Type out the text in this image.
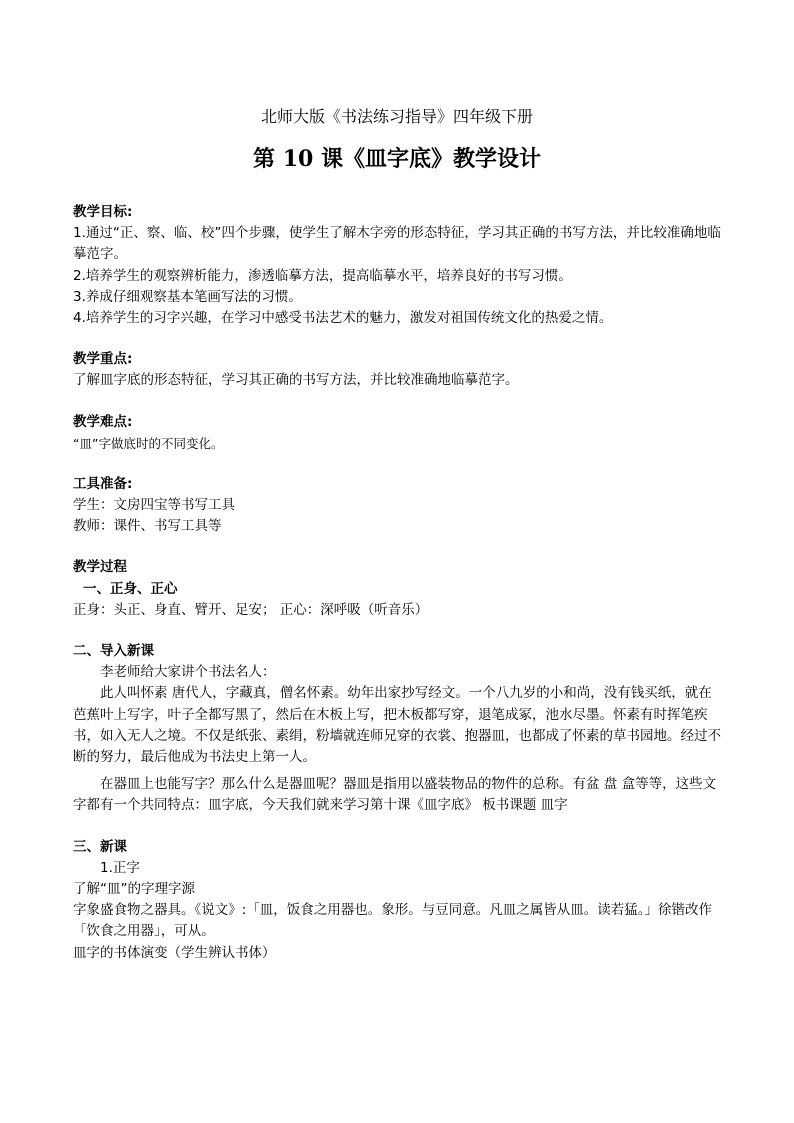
北师大版《书法练习指导》四年级下册
第 10 课《皿字底》教学设计
教学目标:
1.通过“正、察、临、校”四个步骤，使学生了解木字旁的形态特征，学习其正确的书写方法，并比较准确地临摹范字。
2.培养学生的观察辨析能力，渗透临摹方法，提高临摹水平，培养良好的书写习惯。
3.养成仔细观察基本笔画写法的习惯。
4.培养学生的习字兴趣，在学习中感受书法艺术的魅力，激发对祖国传统文化的热爱之情。
教学重点:
了解皿字底的形态特征，学习其正确的书写方法，并比较准确地临摹范字。
教学难点:
“皿”字做底时的不同变化。
工具准备:
学生：文房四宝等书写工具
教师：课件、书写工具等
教学过程
一、正身、正心
正身：头正、身直、臂开、足安； 正心：深呼吸（听音乐）
二、导入新课
李老师给大家讲个书法名人：
此人叫怀素 唐代人，字藏真，僧名怀素。幼年出家抄写经文。一个八九岁的小和尚，没有钱买纸，就在芭蕉叶上写字，叶子全都写黑了，然后在木板上写，把木板都写穿，退笔成冢，池水尽墨。怀素有时挥笔疾书，如入无人之境。不仅是纸张、素绢，粉墙就连师兄穿的衣裳、抱器皿，也都成了怀素的草书园地。经过不断的努力，最后他成为书法史上第一人。
在器皿上也能写字？那么什么是器皿呢？器皿是指用以盛装物品的物件的总称。有盆 盘 盒等等，这些文字都有一个共同特点：皿字底，今天我们就来学习第十课《皿字底》 板书课题 皿字
三、新课
1.正字
了解“皿”的字理字源
字象盛食物之器具。《说文》:「皿，饭食之用器也。象形。与豆同意。凡皿之属皆从皿。读若猛。」徐锴改作「饮食之用器」，可从。
皿字的书体演变（学生辨认书体）
